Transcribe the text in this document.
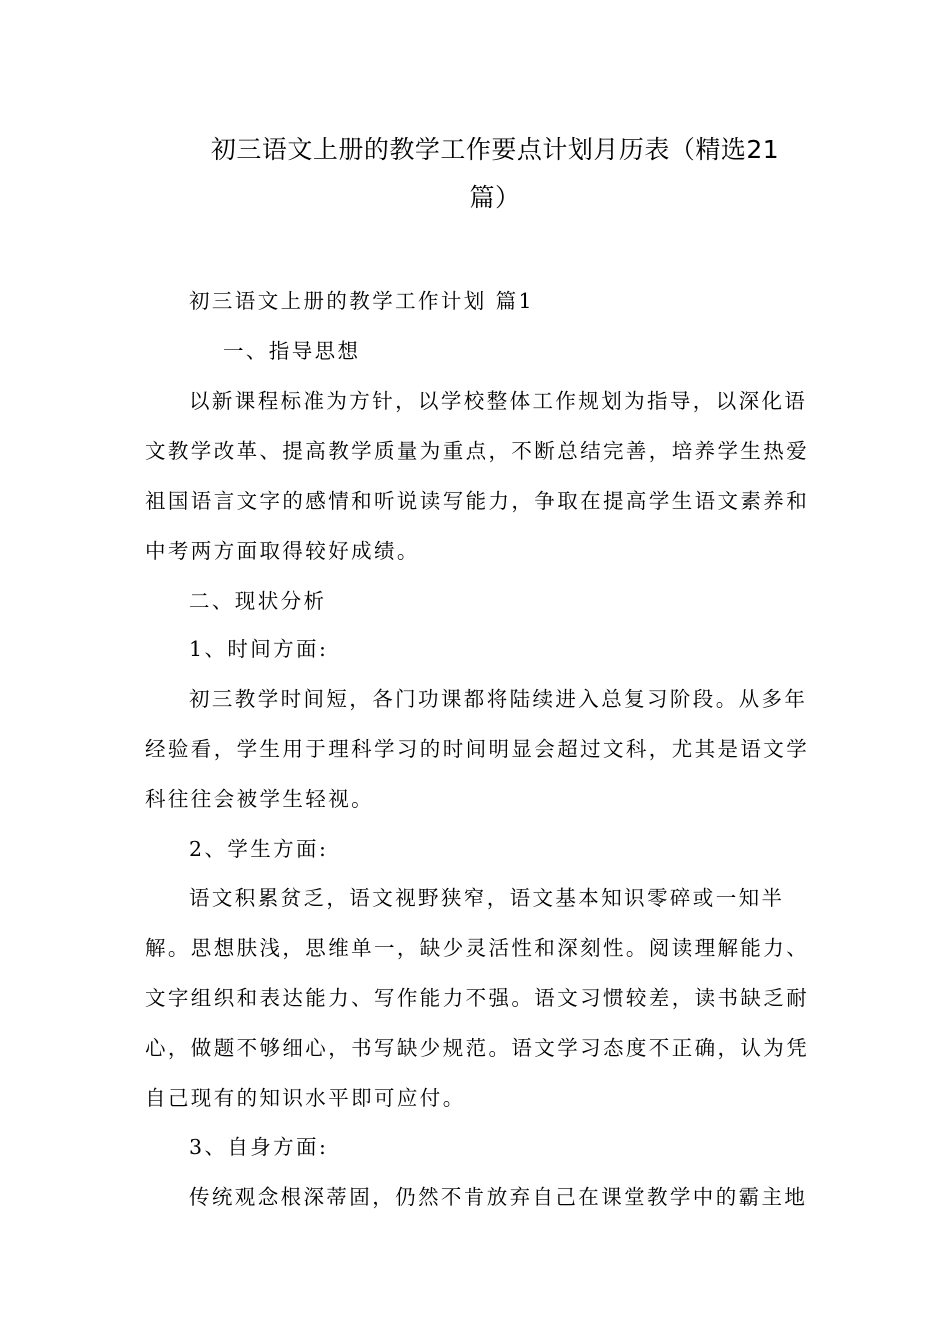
初三语文上册的教学工作要点计划月历表（精选21
篇）
初三语文上册的教学工作计划 篇1
一、指导思想
以新课程标准为方针，以学校整体工作规划为指导，以深化语
文教学改革、提高教学质量为重点，不断总结完善，培养学生热爱
祖国语言文字的感情和听说读写能力，争取在提高学生语文素养和
中考两方面取得较好成绩。
二、现状分析
1、时间方面:
初三教学时间短，各门功课都将陆续进入总复习阶段。从多年
经验看，学生用于理科学习的时间明显会超过文科，尤其是语文学
科往往会被学生轻视。
2、学生方面:
语文积累贫乏，语文视野狭窄，语文基本知识零碎或一知半
解。思想肤浅，思维单一，缺少灵活性和深刻性。阅读理解能力、
文字组织和表达能力、写作能力不强。语文习惯较差，读书缺乏耐
心，做题不够细心，书写缺少规范。语文学习态度不正确，认为凭
自己现有的知识水平即可应付。
3、自身方面:
传统观念根深蒂固，仍然不肯放弃自己在课堂教学中的霸主地
